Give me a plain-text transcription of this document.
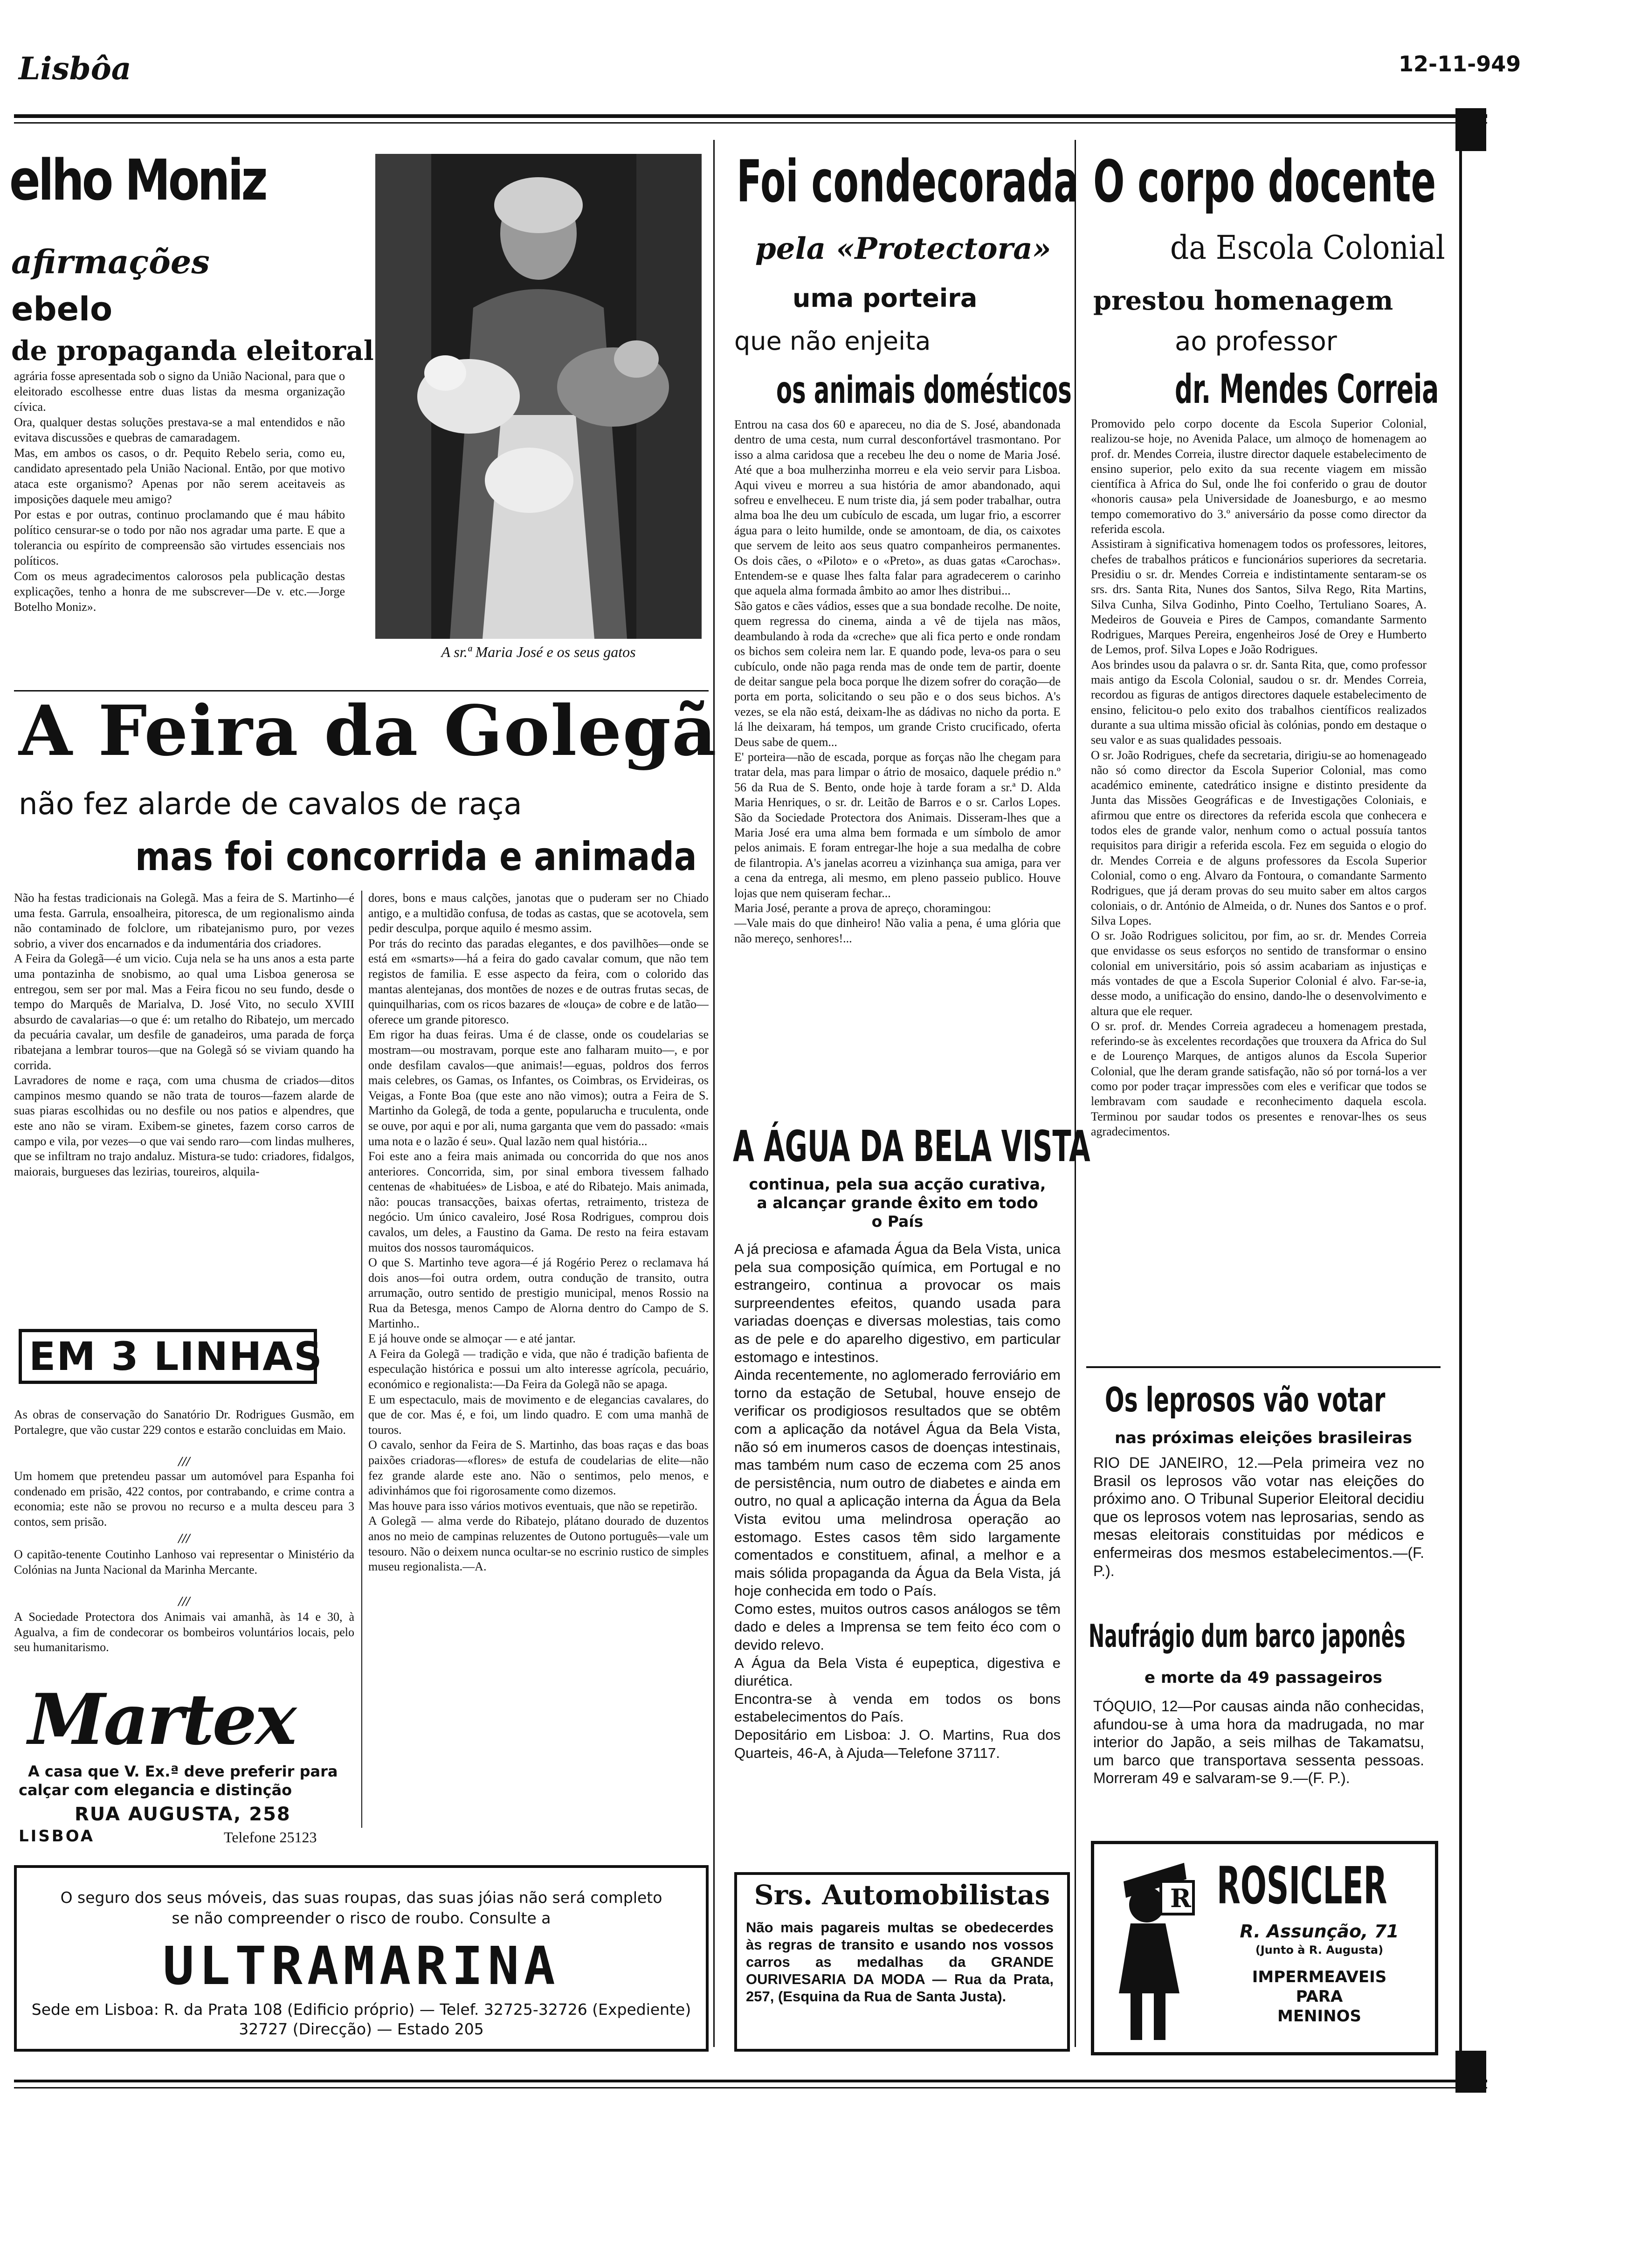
Lisbôa	12-11-949
elho Moniz
afirmações
ebelo
de propaganda eleitoral
agrária fosse apresentada sob o signo da União Nacional, para que o eleitorado escolhesse entre duas listas da mesma organização cívica.
Ora, qualquer destas soluções prestava-se a mal entendidos e não evitava discussões e quebras de camaradagem.
Mas, em ambos os casos, o dr. Pequito Rebelo seria, como eu, candidato apresentado pela União Nacional. Então, por que motivo ataca este organismo? Apenas por não serem aceitaveis as imposições daquele meu amigo?
Por estas e por outras, continuo proclamando que é mau hábito político censurar-se o todo por não nos agradar uma parte. E que a tolerancia ou espírito de compreensão são virtudes essenciais nos políticos.
Com os meus agradecimentos calorosos pela publicação destas explicações, tenho a honra de me subscrever—De v. etc.—Jorge Botelho Moniz».
A sr.ª Maria José e os seus gatos
A Feira da Golegã
não fez alarde de cavalos de raça
mas foi concorrida e animada
Não ha festas tradicionais na Golegã. Mas a feira de S. Martinho—é uma festa. Garrula, ensoalheira, pitoresca, de um regionalismo ainda não contaminado de folclore, um ribatejanismo puro, por vezes sobrio, a viver dos encarnados e da indumentária dos criadores.
A Feira da Golegã—é um vicio. Cuja nela se ha uns anos a esta parte uma pontazinha de snobismo, ao qual uma Lisboa generosa se entregou, sem ser por mal. Mas a Feira ficou no seu fundo, desde o tempo do Marquês de Marialva, D. José Vito, no seculo XVIII absurdo de cavalarias—o que é: um retalho do Ribatejo, um mercado da pecuária cavalar, um desfile de ganadeiros, uma parada de força ribatejana a lembrar touros—que na Golegã só se viviam quando ha corrida.
Lavradores de nome e raça, com uma chusma de criados—ditos campinos mesmo quando se não trata de touros—fazem alarde de suas piaras escolhidas ou no desfile ou nos patios e alpendres, que este ano não se viram. Exibem-se ginetes, fazem corso carros de campo e vila, por vezes—o que vai sendo raro—com lindas mulheres, que se infiltram no trajo andaluz. Mistura-se tudo: criadores, fidalgos, maiorais, burgueses das lezirias, toureiros, alquila-
dores, bons e maus calções, janotas que o puderam ser no Chiado antigo, e a multidão confusa, de todas as castas, que se acotovela, sem pedir desculpa, porque aquilo é mesmo assim.
Por trás do recinto das paradas elegantes, e dos pavilhões—onde se está em «smarts»—há a feira do gado cavalar comum, que não tem registos de familia. E esse aspecto da feira, com o colorido das mantas alentejanas, dos montões de nozes e de outras frutas secas, de quinquilharias, com os ricos bazares de «louça» de cobre e de latão—oferece um grande pitoresco.
Em rigor ha duas feiras. Uma é de classe, onde os coudelarias se mostram—ou mostravam, porque este ano falharam muito—, e por onde desfilam cavalos—que animais!—eguas, poldros dos ferros mais celebres, os Gamas, os Infantes, os Coimbras, os Ervideiras, os Veigas, a Fonte Boa (que este ano não vimos); outra a Feira de S. Martinho da Golegã, de toda a gente, popularucha e truculenta, onde se ouve, por aqui e por ali, numa garganta que vem do passado: «mais uma nota e o lazão é seu». Qual lazão nem qual história...
Foi este ano a feira mais animada ou concorrida do que nos anos anteriores. Concorrida, sim, por sinal embora tivessem falhado centenas de «habituées» de Lisboa, e até do Ribatejo. Mais animada, não: poucas transacções, baixas ofertas, retraimento, tristeza de negócio. Um único cavaleiro, José Rosa Rodrigues, comprou dois cavalos, um deles, a Faustino da Gama. De resto na feira estavam muitos dos nossos tauromáquicos.
O que S. Martinho teve agora—é já Rogério Perez o reclamava há dois anos—foi outra ordem, outra condução de transito, outra arrumação, outro sentido de prestigio municipal, menos Rossio na Rua da Betesga, menos Campo de Alorna dentro do Campo de S. Martinho..
E já houve onde se almoçar — e até jantar.
A Feira da Golegã — tradição e vida, que não é tradição bafienta de especulação histórica e possui um alto interesse agrícola, pecuário, económico e regionalista:—Da Feira da Golegã não se apaga.
E um espectaculo, mais de movimento e de elegancias cavalares, do que de cor. Mas é, e foi, um lindo quadro. E com uma manhã de touros.
O cavalo, senhor da Feira de S. Martinho, das boas raças e das boas paixões criadoras—«flores» de estufa de coudelarias de elite—não fez grande alarde este ano. Não o sentimos, pelo menos, e adivinhámos que foi rigorosamente como dizemos.
Mas houve para isso vários motivos eventuais, que não se repetirão.
A Golegã — alma verde do Ribatejo, plátano dourado de duzentos anos no meio de campinas reluzentes de Outono português—vale um tesouro. Não o deixem nunca ocultar-se no escrinio rustico de simples museu regionalista.—A.
EM 3 LINHAS
As obras de conservação do Sanatório Dr. Rodrigues Gusmão, em Portalegre, que vão custar 229 contos e estarão concluidas em Maio.
///
Um homem que pretendeu passar um automóvel para Espanha foi condenado em prisão, 422 contos, por contrabando, e crime contra a economia; este não se provou no recurso e a multa desceu para 3 contos, sem prisão.
///
O capitão-tenente Coutinho Lanhoso vai representar o Ministério da Colónias na Junta Nacional da Marinha Mercante.
///
A Sociedade Protectora dos Animais vai amanhã, às 14 e 30, à Agualva, a fim de condecorar os bombeiros voluntários locais, pelo seu humanitarismo.
Martex
A casa que V. Ex.ª deve preferir para
calçar com elegancia e distinção
RUA AUGUSTA, 258
LISBOA	Telefone 25123
Foi condecorada
pela «Protectora»
uma porteira
que não enjeita
os animais domésticos
Entrou na casa dos 60 e apareceu, no dia de S. José, abandonada dentro de uma cesta, num curral desconfortável trasmontano. Por isso a alma caridosa que a recebeu lhe deu o nome de Maria José. Até que a boa mulherzinha morreu e ela veio servir para Lisboa. Aqui viveu e morreu a sua história de amor abandonado, aqui sofreu e envelheceu. E num triste dia, já sem poder trabalhar, outra alma boa lhe deu um cubículo de escada, um lugar frio, a escorrer água para o leito humilde, onde se amontoam, de dia, os caixotes que servem de leito aos seus quatro companheiros permanentes. Os dois cães, o «Piloto» e o «Preto», as duas gatas «Carochas». Entendem-se e quase lhes falta falar para agradecerem o carinho que aquela alma formada âmbito ao amor lhes distribui...
São gatos e cães vádios, esses que a sua bondade recolhe. De noite, quem regressa do cinema, ainda a vê de tijela nas mãos, deambulando à roda da «creche» que ali fica perto e onde rondam os bichos sem coleira nem lar. E quando pode, leva-os para o seu cubículo, onde não paga renda mas de onde tem de partir, doente de deitar sangue pela boca porque lhe dizem sofrer do coração—de porta em porta, solicitando o seu pão e o dos seus bichos. A's vezes, se ela não está, deixam-lhe as dádivas no nicho da porta. E lá lhe deixaram, há tempos, um grande Cristo crucificado, oferta Deus sabe de quem...
E' porteira—não de escada, porque as forças não lhe chegam para tratar dela, mas para limpar o átrio de mosaico, daquele prédio n.º 56 da Rua de S. Bento, onde hoje à tarde foram a sr.ª D. Alda Maria Henriques, o sr. dr. Leitão de Barros e o sr. Carlos Lopes. São da Sociedade Protectora dos Animais. Disseram-lhes que a Maria José era uma alma bem formada e um símbolo de amor pelos animais. E foram entregar-lhe hoje a sua medalha de cobre de filantropia. A's janelas acorreu a vizinhança sua amiga, para ver a cena da entrega, ali mesmo, em pleno passeio publico. Houve lojas que nem quiseram fechar...
Maria José, perante a prova de apreço, choramingou:
—Vale mais do que dinheiro! Não valia a pena, é uma glória que não mereço, senhores!...
A ÁGUA DA BELA VISTA
continua, pela sua acção curativa,
a alcançar grande êxito em todo
o País
A já preciosa e afamada Água da Bela Vista, unica pela sua composição química, em Portugal e no estrangeiro, continua a provocar os mais surpreendentes efeitos, quando usada para variadas doenças e diversas molestias, tais como as de pele e do aparelho digestivo, em particular estomago e intestinos.
Ainda recentemente, no aglomerado ferroviário em torno da estação de Setubal, houve ensejo de verificar os prodigiosos resultados que se obtêm com a aplicação da notável Água da Bela Vista, não só em inumeros casos de doenças intestinais, mas também num caso de eczema com 25 anos de persistência, num outro de diabetes e ainda em outro, no qual a aplicação interna da Água da Bela Vista evitou uma melindrosa operação ao estomago. Estes casos têm sido largamente comentados e constituem, afinal, a melhor e a mais sólida propaganda da Água da Bela Vista, já hoje conhecida em todo o País.
Como estes, muitos outros casos análogos se têm dado e deles a Imprensa se tem feito éco com o devido relevo.
A Água da Bela Vista é eupeptica, digestiva e diurética.
Encontra-se à venda em todos os bons estabelecimentos do País.
Depositário em Lisboa: J. O. Martins, Rua dos Quarteis, 46-A, à Ajuda—Telefone 37117.
O corpo docente
da Escola Colonial
prestou homenagem
ao professor
dr. Mendes Correia
Promovido pelo corpo docente da Escola Superior Colonial, realizou-se hoje, no Avenida Palace, um almoço de homenagem ao prof. dr. Mendes Correia, ilustre director daquele estabelecimento de ensino superior, pelo exito da sua recente viagem em missão científica à Africa do Sul, onde lhe foi conferido o grau de doutor «honoris causa» pela Universidade de Joanesburgo, e ao mesmo tempo comemorativo do 3.º aniversário da posse como director da referida escola.
Assistiram à significativa homenagem todos os professores, leitores, chefes de trabalhos práticos e funcionários superiores da secretaria. Presidiu o sr. dr. Mendes Correia e indistintamente sentaram-se os srs. drs. Santa Rita, Nunes dos Santos, Silva Rego, Rita Martins, Silva Cunha, Silva Godinho, Pinto Coelho, Tertuliano Soares, A. Medeiros de Gouveia e Pires de Campos, comandante Sarmento Rodrigues, Marques Pereira, engenheiros José de Orey e Humberto de Lemos, prof. Silva Lopes e João Rodrigues.
Aos brindes usou da palavra o sr. dr. Santa Rita, que, como professor mais antigo da Escola Colonial, saudou o sr. dr. Mendes Correia, recordou as figuras de antigos directores daquele estabelecimento de ensino, felicitou-o pelo exito dos trabalhos científicos realizados durante a sua ultima missão oficial às colónias, pondo em destaque o seu valor e as suas qualidades pessoais.
O sr. João Rodrigues, chefe da secretaria, dirigiu-se ao homenageado não só como director da Escola Superior Colonial, mas como académico eminente, catedrático insigne e distinto presidente da Junta das Missões Geográficas e de Investigações Coloniais, e afirmou que entre os directores da referida escola que conhecera e todos eles de grande valor, nenhum como o actual possuía tantos requisitos para dirigir a referida escola. Fez em seguida o elogio do dr. Mendes Correia e de alguns professores da Escola Superior Colonial, como o eng. Alvaro da Fontoura, o comandante Sarmento Rodrigues, que já deram provas do seu muito saber em altos cargos coloniais, o dr. António de Almeida, o dr. Nunes dos Santos e o prof. Silva Lopes.
O sr. João Rodrigues solicitou, por fim, ao sr. dr. Mendes Correia que envidasse os seus esforços no sentido de transformar o ensino colonial em universitário, pois só assim acabariam as injustiças e más vontades de que a Escola Superior Colonial é alvo. Far-se-ia, desse modo, a unificação do ensino, dando-lhe o desenvolvimento e altura que ele requer.
O sr. prof. dr. Mendes Correia agradeceu a homenagem prestada, referindo-se às excelentes recordações que trouxera da Africa do Sul e de Lourenço Marques, de antigos alunos da Escola Superior Colonial, que lhe deram grande satisfação, não só por torná-los a ver como por poder traçar impressões com eles e verificar que todos se lembravam com saudade e reconhecimento daquela escola. Terminou por saudar todos os presentes e renovar-lhes os seus agradecimentos.
Os leprosos vão votar
nas próximas eleições brasileiras
RIO DE JANEIRO, 12.—Pela primeira vez no Brasil os leprosos vão votar nas eleições do próximo ano. O Tribunal Superior Eleitoral decidiu que os leprosos votem nas leprosarias, sendo as mesas eleitorais constituidas por médicos e enfermeiras dos mesmos estabelecimentos.—(F. P.).
Naufrágio dum barco japonês
e morte da 49 passageiros
TÓQUIO, 12—Por causas ainda não conhecidas, afundou-se à uma hora da madrugada, no mar interior do Japão, a seis milhas de Takamatsu, um barco que transportava sessenta pessoas. Morreram 49 e salvaram-se 9.—(F. P.).
O seguro dos seus móveis, das suas roupas, das suas jóias não será completo
se não compreender o risco de roubo. Consulte a
ULTRAMARINA
Sede em Lisboa: R. da Prata 108 (Edificio próprio) — Telef. 32725-32726 (Expediente)
32727 (Direcção) — Estado 205
Srs. Automobilistas
Não mais pagareis multas se obedecerdes às regras de transito e usando nos vossos carros as medalhas da GRANDE OURIVESARIA DA MODA — Rua da Prata, 257, (Esquina da Rua de Santa Justa).
R ROSICLER
R. Assunção, 71
(Junto à R. Augusta)
IMPERMEAVEIS
PARA
MENINOS
